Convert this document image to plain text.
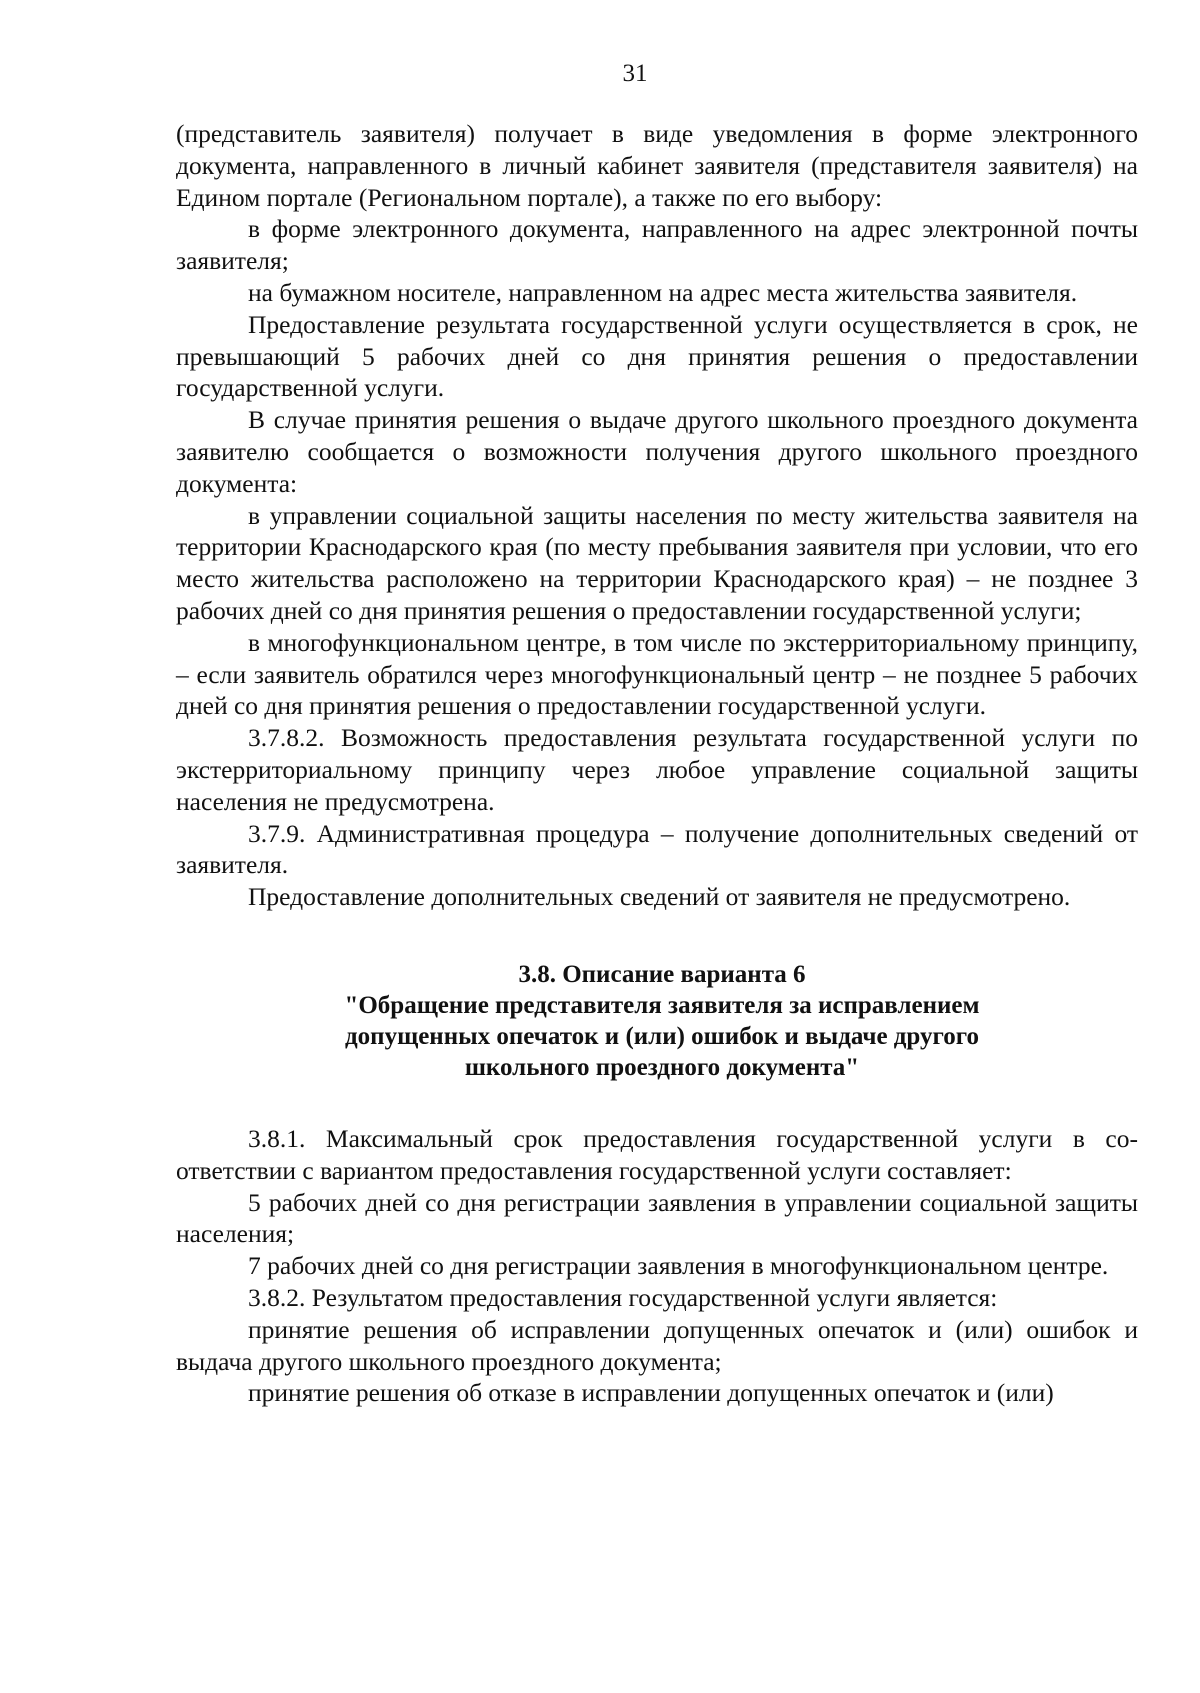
31

(представитель заявителя) получает в виде уведомления в форме электронного документа, направленного в личный кабинет заявителя (представителя заявителя) на Едином портале (Региональном портале), а также по его выбору:

в форме электронного документа, направленного на адрес электронной почты заявителя;

на бумажном носителе, направленном на адрес места жительства заявителя.

Предоставление результата государственной услуги осуществляется в срок, не превышающий 5 рабочих дней со дня принятия решения о предоставлении государственной услуги.

В случае принятия решения о выдаче другого школьного проездного документа заявителю сообщается о возможности получения другого школьного проездного документа:

в управлении социальной защиты населения по месту жительства заявителя на территории Краснодарского края (по месту пребывания заявителя при условии, что его место жительства расположено на территории Краснодарского края) – не позднее 3 рабочих дней со дня принятия решения о предоставлении государственной услуги;

в многофункциональном центре, в том числе по экстерриториальному принципу, – если заявитель обратился через многофункциональный центр – не позднее 5 рабочих дней со дня принятия решения о предоставлении государственной услуги.

3.7.8.2. Возможность предоставления результата государственной услуги по экстерриториальному принципу через любое управление социальной защиты населения не предусмотрена.

3.7.9. Административная процедура – получение дополнительных сведений от заявителя.

Предоставление дополнительных сведений от заявителя не предусмотрено.

3.8. Описание варианта 6
"Обращение представителя заявителя за исправлением
допущенных опечаток и (или) ошибок и выдаче другого
школьного проездного документа"

3.8.1. Максимальный срок предоставления государственной услуги в соответствии с вариантом предоставления государственной услуги составляет:

5 рабочих дней со дня регистрации заявления в управлении социальной защиты населения;

7 рабочих дней со дня регистрации заявления в многофункциональном центре.

3.8.2. Результатом предоставления государственной услуги является:

принятие решения об исправлении допущенных опечаток и (или) ошибок и выдача другого школьного проездного документа;

принятие решения об отказе в исправлении допущенных опечаток и (или)
